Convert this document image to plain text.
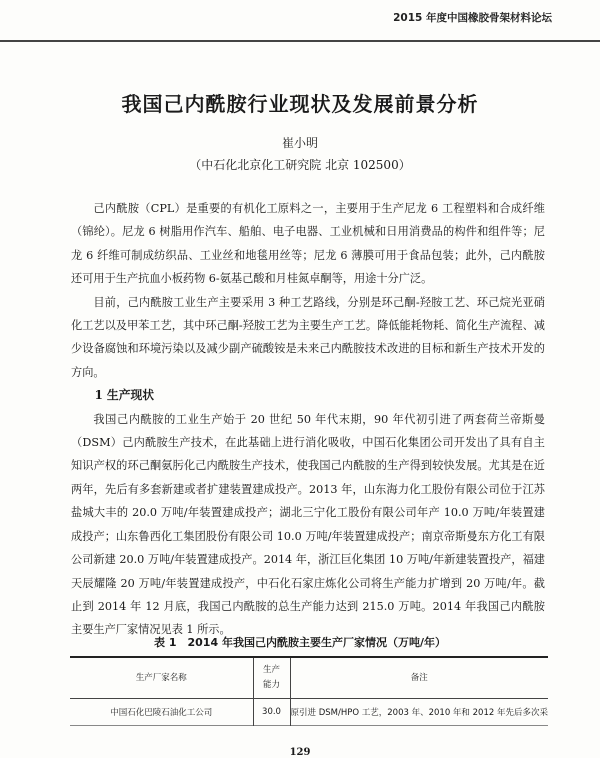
2015 年度中国橡胶骨架材料论坛
我国己内酰胺行业现状及发展前景分析
崔小明
（中石化北京化工研究院 北京 102500）

己内酰胺（CPL）是重要的有机化工原料之一，主要用于生产尼龙 6 工程塑料和合成纤维（锦纶）。尼龙 6 树脂用作汽车、船舶、电子电器、工业机械和日用消费品的构件和组件等；尼龙 6 纤维可制成纺织品、工业丝和地毯用丝等；尼龙 6 薄膜可用于食品包装；此外，己内酰胺还可用于生产抗血小板药物 6-氨基己酸和月桂氮卓酮等，用途十分广泛。

目前，己内酰胺工业生产主要采用 3 种工艺路线，分别是环己酮-羟胺工艺、环己烷光亚硝化工艺以及甲苯工艺，其中环己酮-羟胺工艺为主要生产工艺。降低能耗物耗、简化生产流程、减少设备腐蚀和环境污染以及减少副产硫酸铵是未来己内酰胺技术改进的目标和新生产技术开发的方向。

1 生产现状

我国己内酰胺的工业生产始于 20 世纪 50 年代末期，90 年代初引进了两套荷兰帝斯曼（DSM）己内酰胺生产技术，在此基础上进行消化吸收，中国石化集团公司开发出了具有自主知识产权的环己酮氨肟化己内酰胺生产技术，使我国己内酰胺的生产得到较快发展。尤其是在近两年，先后有多套新建或者扩建装置建成投产。2013 年，山东海力化工股份有限公司位于江苏盐城大丰的 20.0 万吨/年装置建成投产；湖北三宁化工股份有限公司年产 10.0 万吨/年装置建成投产；山东鲁西化工集团股份有限公司 10.0 万吨/年装置建成投产；南京帝斯曼东方化工有限公司新建 20.0 万吨/年装置建成投产。2014 年，浙江巨化集团 10 万吨/年新建装置投产，福建天辰耀隆 20 万吨/年装置建成投产，中石化石家庄炼化公司将生产能力扩增到 20 万吨/年。截止到 2014 年 12 月底，我国己内酰胺的总生产能力达到 215.0 万吨。2014 年我国己内酰胺主要生产厂家情况见表 1 所示。

表 1　2014 年我国己内酰胺主要生产厂家情况（万吨/年）
生产厂家名称	生产能力	备注
中国石化巴陵石油化工公司	30.0	原引进 DSM/HPO 工艺，2003 年、2010 年和 2012 年先后多次采
129
